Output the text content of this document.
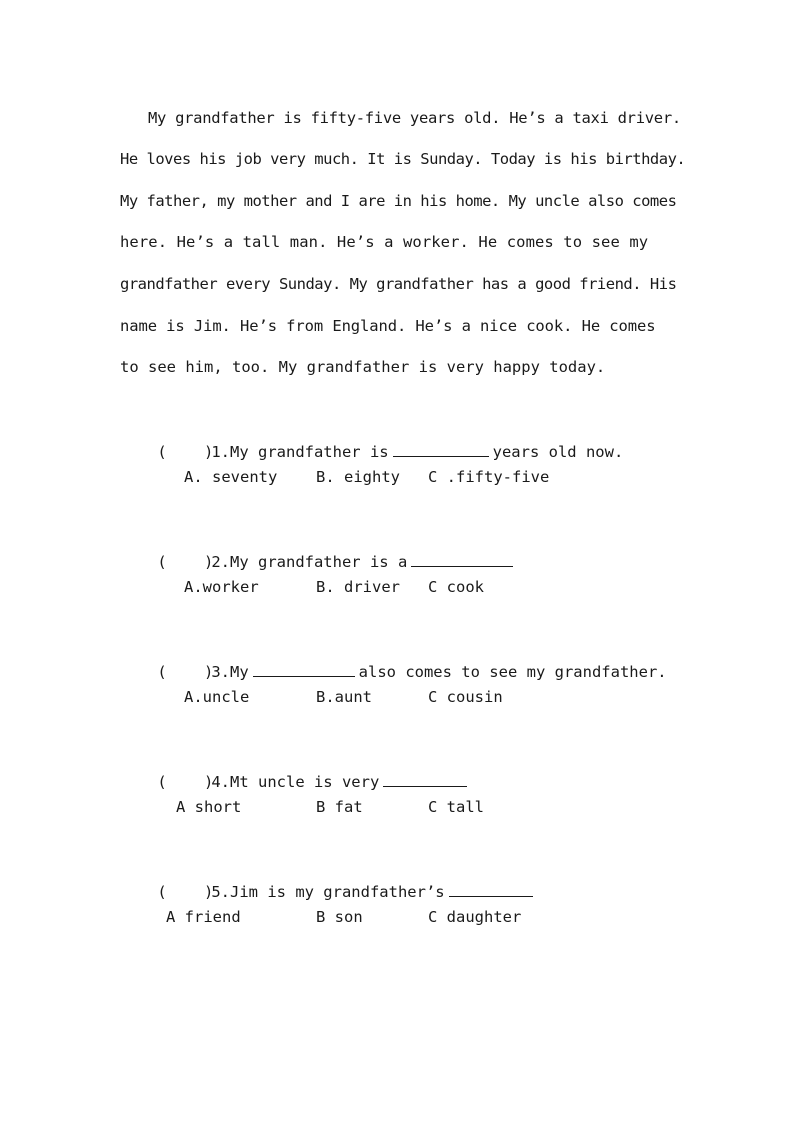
My grandfather is fifty-five years old. He’s a taxi driver.
He loves his job very much. It is Sunday. Today is his birthday.
My father, my mother and I are in his home. My uncle also comes
here. He’s a tall man. He’s a worker. He comes to see my
grandfather every Sunday. My grandfather has a good friend. His
name is Jim. He’s from England. He’s a nice cook. He comes
to see him, too. My grandfather is very happy today.

(    )1.My grandfather is	years old now.

A. seventy B. eighty C .fifty-five

(    )2.My grandfather is a

A.worker	B. driver C cook

(    )3.My	also comes to see my grandfather.

A.uncle	B.aunt	C cousin

(    )4.Mt uncle is very

A short	B fat	C tall

(    )5.Jim is my grandfather’s

A friend	B son	C daughter
